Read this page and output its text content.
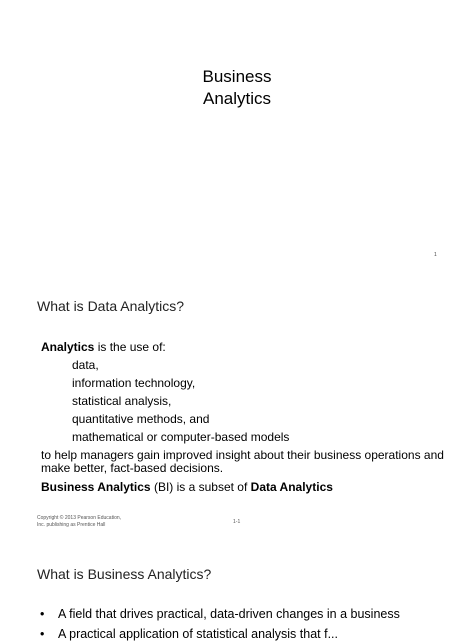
Business
Analytics
1
What is Data Analytics?
Analytics is the use of:
data,
information technology,
statistical analysis,
quantitative methods, and
mathematical or computer-based models
to help managers gain improved insight about their business operations and make better, fact-based decisions.
Business Analytics (BI) is a subset of Data Analytics
Copyright © 2013 Pearson Education,
Inc. publishing as Prentice Hall	1-1
What is Business Analytics?
•	A field that drives practical, data-driven changes in a business
•	A practical application of statistical analysis that f...
